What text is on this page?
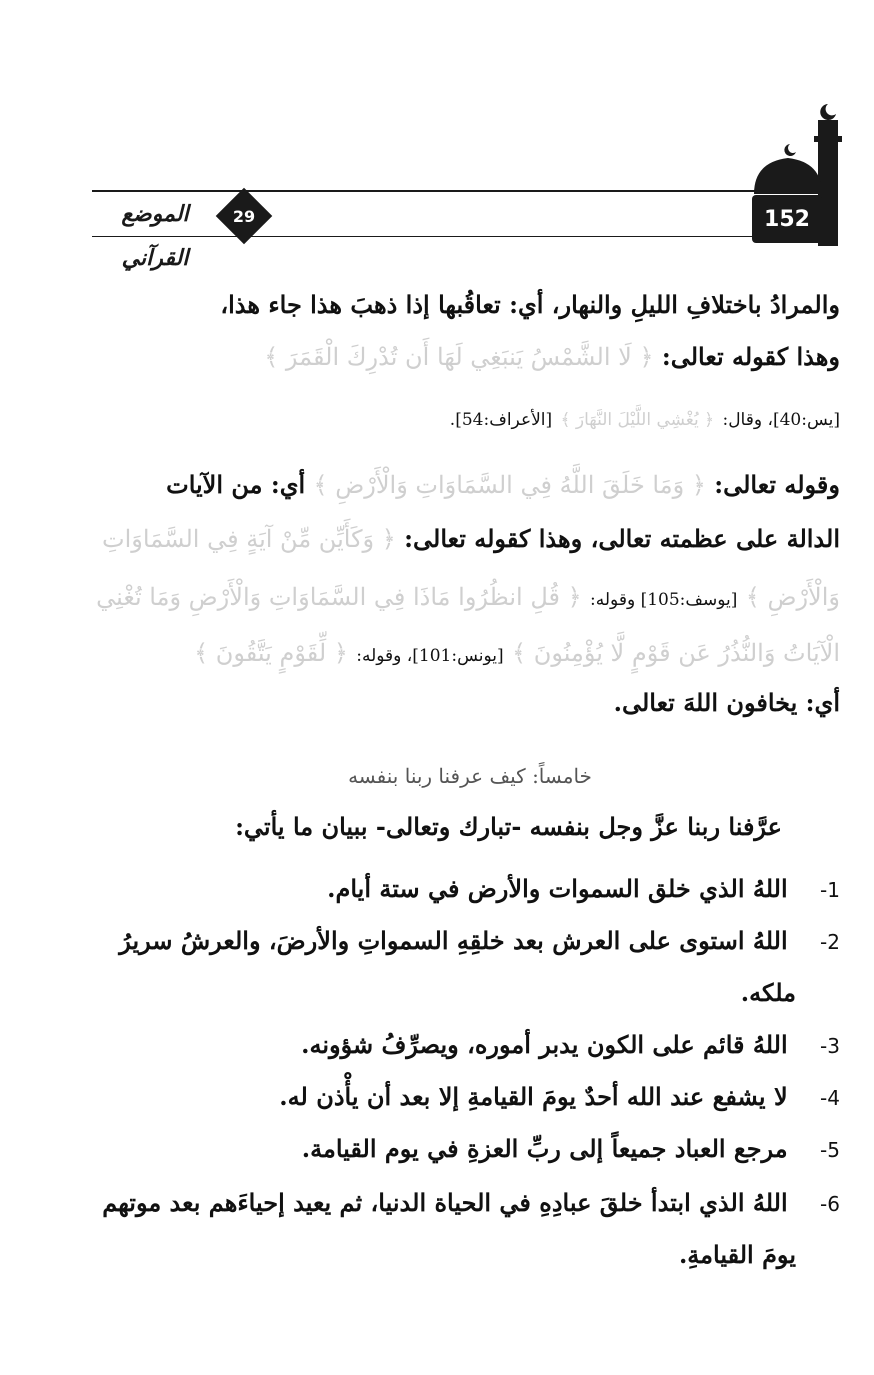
152
29
الموضع القرآني
والمرادُ باختلافِ الليلِ والنهار، أي: تعاقُبها إذا ذهبَ هذا جاء هذا،
وهذا كقوله تعالى: ﴿ لَا الشَّمْسُ يَنبَغِي لَهَا أَن تُدْرِكَ الْقَمَرَ ﴾
[يس:40]، وقال: ﴿ يُغْشِي اللَّيْلَ النَّهَارَ ﴾ [الأعراف:54].
وقوله تعالى: ﴿ وَمَا خَلَقَ اللَّهُ فِي السَّمَاوَاتِ وَالْأَرْضِ ﴾ أي: من الآيات
الدالة على عظمته تعالى، وهذا كقوله تعالى: ﴿ وَكَأَيِّن مِّنْ آيَةٍ فِي السَّمَاوَاتِ
وَالْأَرْضِ ﴾ [يوسف:105] وقوله: ﴿ قُلِ انظُرُوا مَاذَا فِي السَّمَاوَاتِ وَالْأَرْضِ وَمَا تُغْنِي
الْآيَاتُ وَالنُّذُرُ عَن قَوْمٍ لَّا يُؤْمِنُونَ ﴾ [يونس:101]، وقوله: ﴿ لِّقَوْمٍ يَتَّقُونَ ﴾
أي: يخافون اللهَ تعالى.
خامساً: كيف عرفنا ربنا بنفسه
عرَّفنا ربنا عزَّ وجل بنفسه -تبارك وتعالى- ببيان ما يأتي:
1- اللهُ الذي خلق السموات والأرض في ستة أيام.
2- اللهُ استوى على العرش بعد خلقِهِ السمواتِ والأرضَ، والعرشُ سريرُ
ملكه.
3- اللهُ قائم على الكون يدبر أموره، ويصرِّفُ شؤونه.
4- لا يشفع عند الله أحدٌ يومَ القيامةِ إلا بعد أن يأْذن له.
5- مرجع العباد جميعاً إلى ربِّ العزةِ في يوم القيامة.
6- اللهُ الذي ابتدأ خلقَ عبادِهِ في الحياة الدنيا، ثم يعيد إحياءَهم بعد موتهم
يومَ القيامةِ.
